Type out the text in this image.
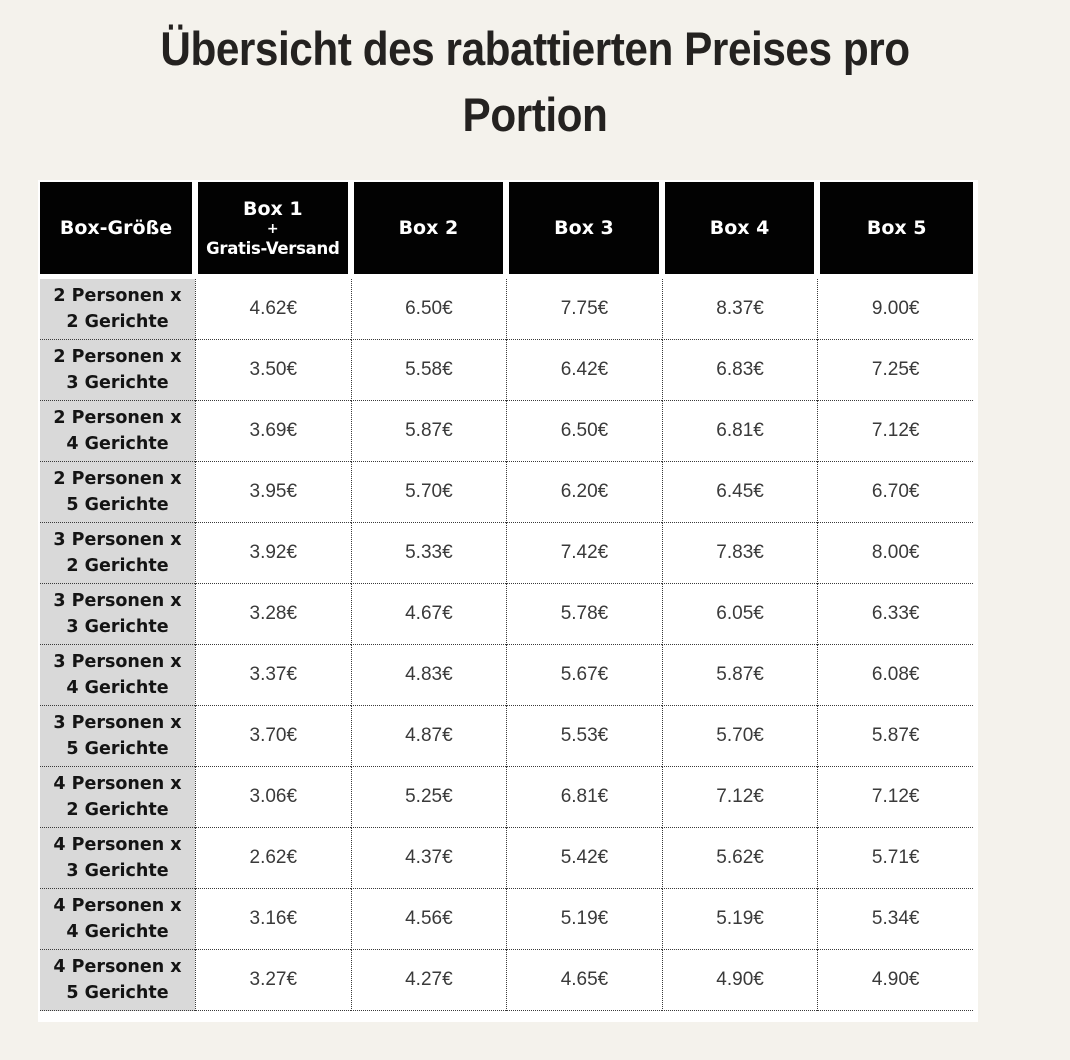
Übersicht des rabattierten Preises pro
Portion
Box-Größe	Box 1
+
Gratis-Versand	Box 2	Box 3	Box 4	Box 5

2 Personen x
2 Gerichte	4.62€	6.50€	7.75€	8.37€	9.00€

2 Personen x
3 Gerichte	3.50€	5.58€	6.42€	6.83€	7.25€

2 Personen x
4 Gerichte	3.69€	5.87€	6.50€	6.81€	7.12€

2 Personen x
5 Gerichte	3.95€	5.70€	6.20€	6.45€	6.70€

3 Personen x
2 Gerichte	3.92€	5.33€	7.42€	7.83€	8.00€

3 Personen x
3 Gerichte	3.28€	4.67€	5.78€	6.05€	6.33€

3 Personen x
4 Gerichte	3.37€	4.83€	5.67€	5.87€	6.08€

3 Personen x
5 Gerichte	3.70€	4.87€	5.53€	5.70€	5.87€

4 Personen x
2 Gerichte	3.06€	5.25€	6.81€	7.12€	7.12€

4 Personen x
3 Gerichte	2.62€	4.37€	5.42€	5.62€	5.71€

4 Personen x
4 Gerichte	3.16€	4.56€	5.19€	5.19€	5.34€

4 Personen x
5 Gerichte	3.27€	4.27€	4.65€	4.90€	4.90€
